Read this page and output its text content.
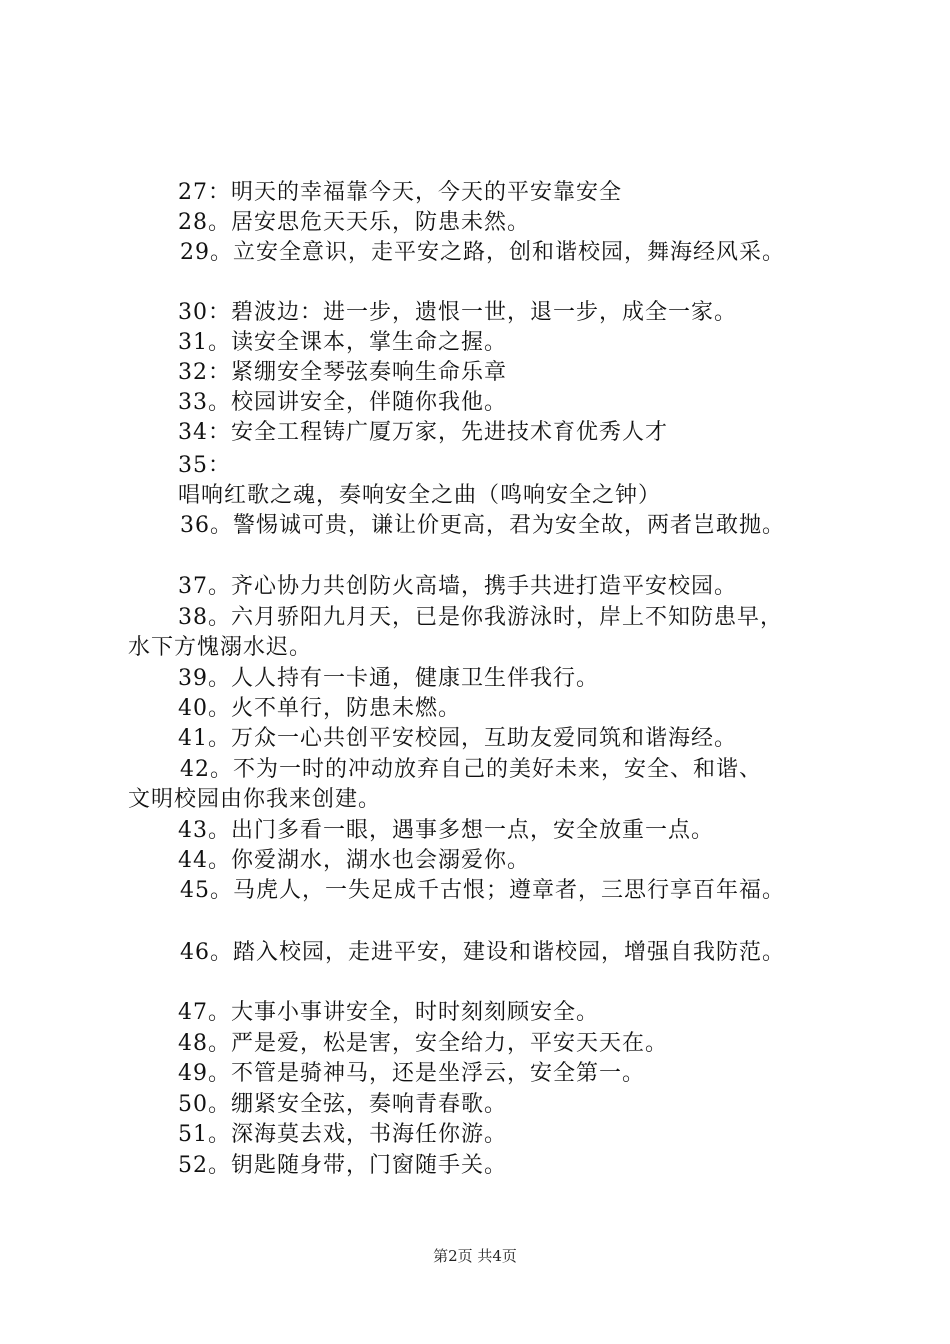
27：明天的幸福靠今天，今天的平安靠安全
28。居安思危天天乐，防患未然。
29。立安全意识，走平安之路，创和谐校园，舞海经风采。
30：碧波边：进一步，遗恨一世，退一步，成全一家。
31。读安全课本，掌生命之握。
32：紧绷安全琴弦奏响生命乐章
33。校园讲安全，伴随你我他。
34：安全工程铸广厦万家，先进技术育优秀人才
35：
唱响红歌之魂，奏响安全之曲（鸣响安全之钟）
36。警惕诚可贵，谦让价更高，君为安全故，两者岂敢抛。
37。齐心协力共创防火高墙，携手共进打造平安校园。
38。六月骄阳九月天，已是你我游泳时，岸上不知防患早，
水下方愧溺水迟。
39。人人持有一卡通，健康卫生伴我行。
40。火不单行，防患未燃。
41。万众一心共创平安校园，互助友爱同筑和谐海经。
42。不为一时的冲动放弃自己的美好未来，安全、和谐、
文明校园由你我来创建。
43。出门多看一眼，遇事多想一点，安全放重一点。
44。你爱湖水，湖水也会溺爱你。
45。马虎人，一失足成千古恨；遵章者，三思行享百年福。
46。踏入校园，走进平安，建设和谐校园，增强自我防范。
47。大事小事讲安全，时时刻刻顾安全。
48。严是爱，松是害，安全给力，平安天天在。
49。不管是骑神马，还是坐浮云，安全第一。
50。绷紧安全弦，奏响青春歌。
51。深海莫去戏，书海任你游。
52。钥匙随身带，门窗随手关。
第2页 共4页
